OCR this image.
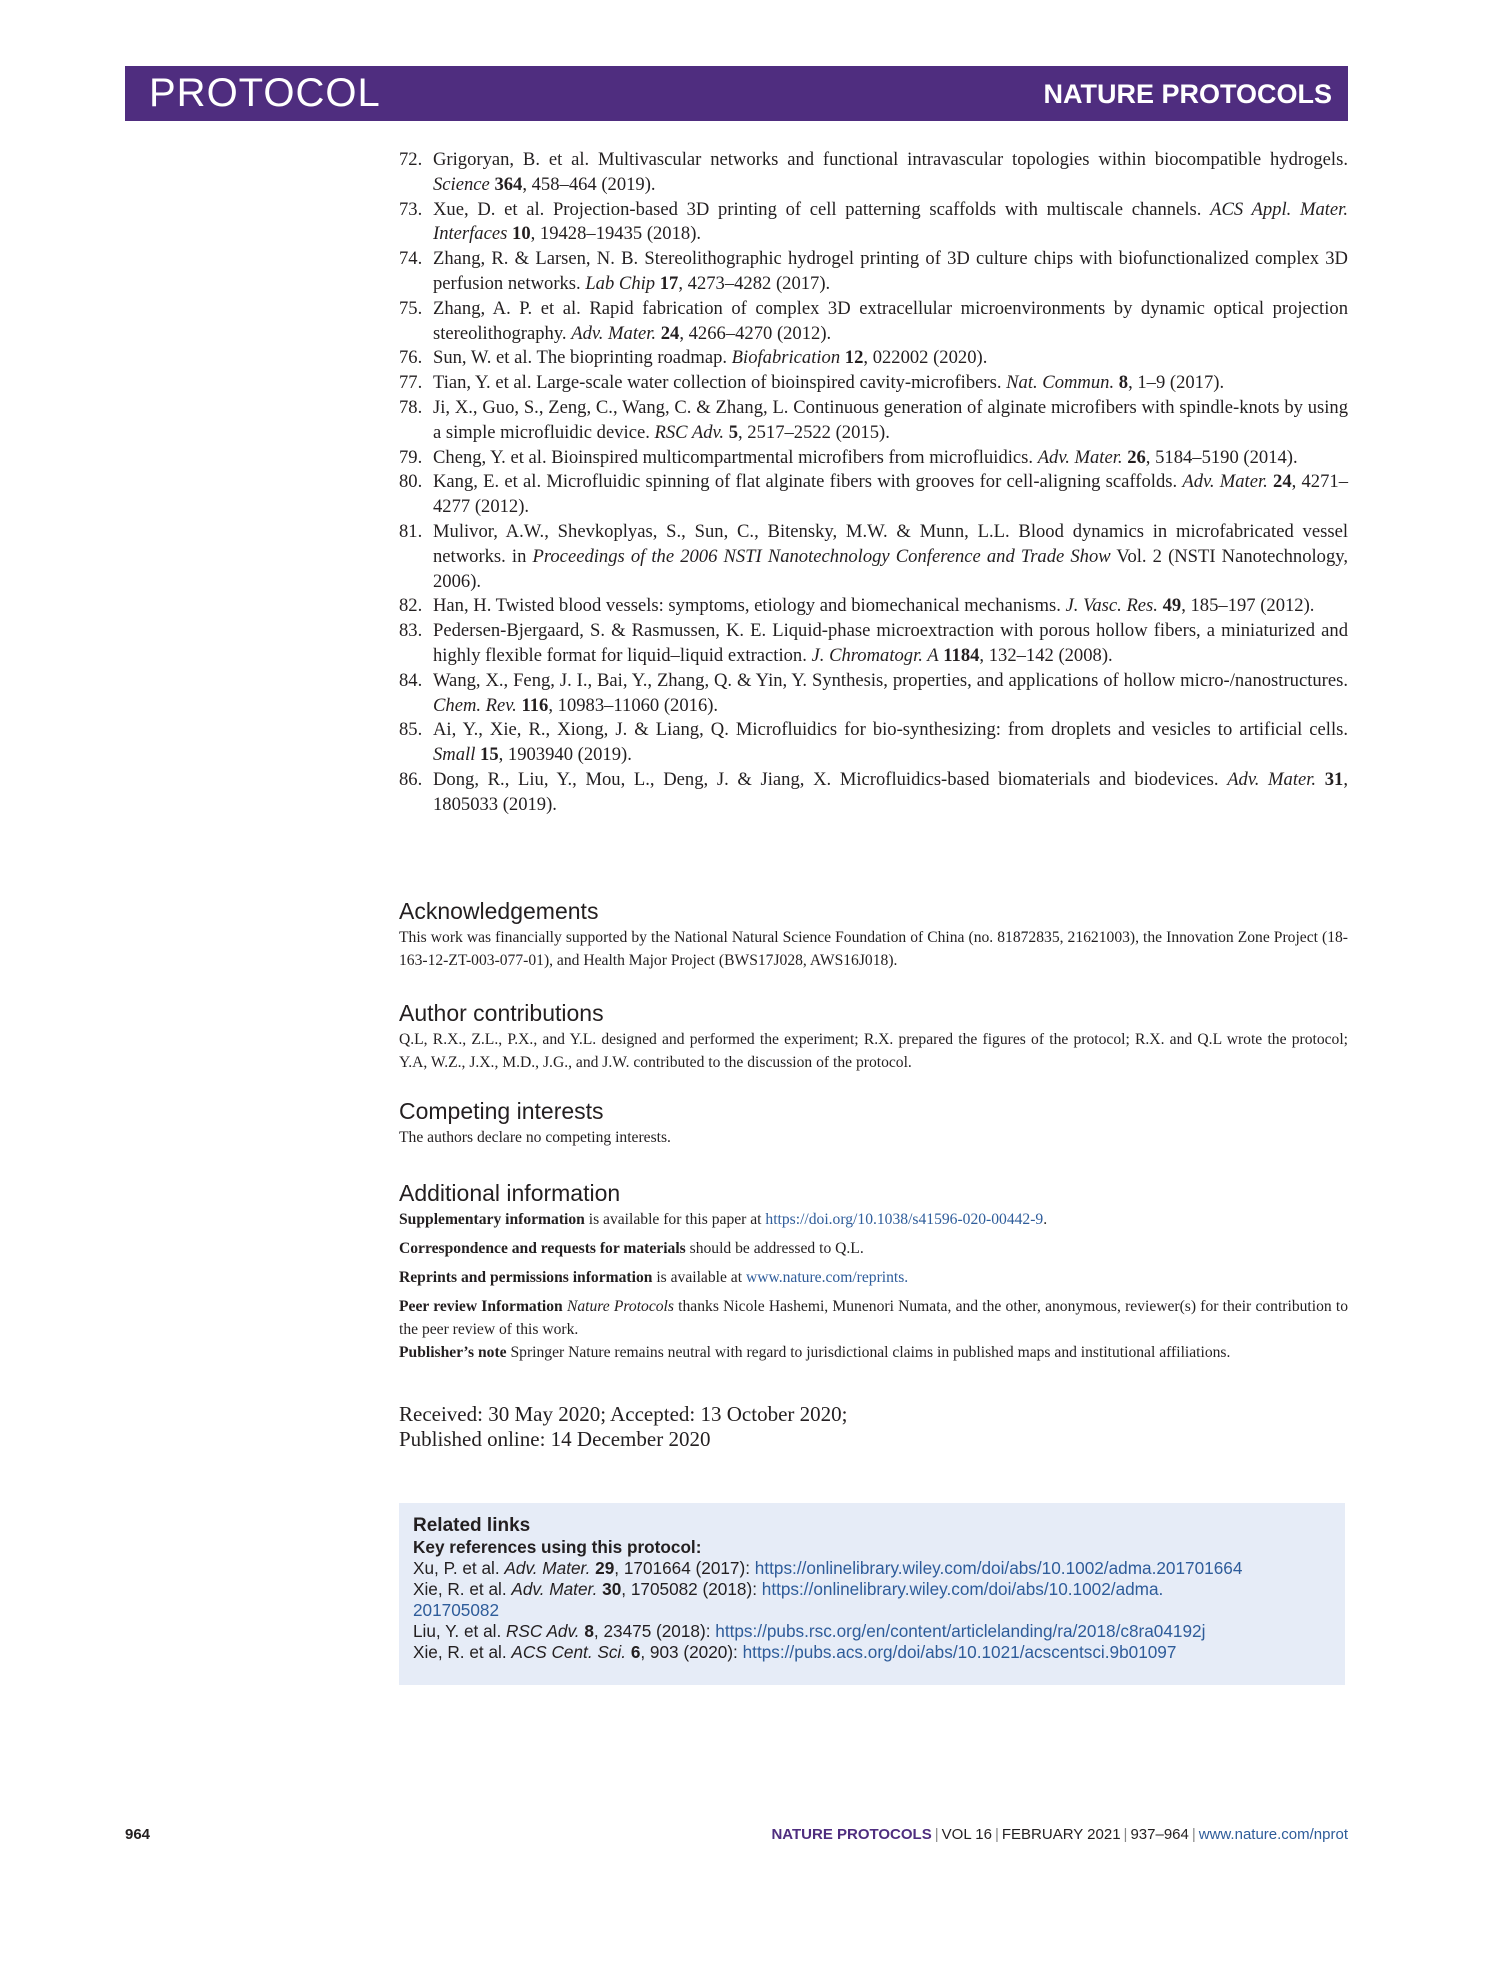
PROTOCOL	NATURE PROTOCOLS
72. Grigoryan, B. et al. Multivascular networks and functional intravascular topologies within biocompatible hydrogels. Science 364, 458–464 (2019).
73. Xue, D. et al. Projection-based 3D printing of cell patterning scaffolds with multiscale channels. ACS Appl. Mater. Interfaces 10, 19428–19435 (2018).
74. Zhang, R. & Larsen, N. B. Stereolithographic hydrogel printing of 3D culture chips with biofunctionalized complex 3D perfusion networks. Lab Chip 17, 4273–4282 (2017).
75. Zhang, A. P. et al. Rapid fabrication of complex 3D extracellular microenvironments by dynamic optical projection stereolithography. Adv. Mater. 24, 4266–4270 (2012).
76. Sun, W. et al. The bioprinting roadmap. Biofabrication 12, 022002 (2020).
77. Tian, Y. et al. Large-scale water collection of bioinspired cavity-microfibers. Nat. Commun. 8, 1–9 (2017).
78. Ji, X., Guo, S., Zeng, C., Wang, C. & Zhang, L. Continuous generation of alginate microfibers with spindle-knots by using a simple microfluidic device. RSC Adv. 5, 2517–2522 (2015).
79. Cheng, Y. et al. Bioinspired multicompartmental microfibers from microfluidics. Adv. Mater. 26, 5184–5190 (2014).
80. Kang, E. et al. Microfluidic spinning of flat alginate fibers with grooves for cell-aligning scaffolds. Adv. Mater. 24, 4271–4277 (2012).
81. Mulivor, A.W., Shevkoplyas, S., Sun, C., Bitensky, M.W. & Munn, L.L. Blood dynamics in microfabricated vessel networks. in Proceedings of the 2006 NSTI Nanotechnology Conference and Trade Show Vol. 2 (NSTI Nanotechnology, 2006).
82. Han, H. Twisted blood vessels: symptoms, etiology and biomechanical mechanisms. J. Vasc. Res. 49, 185–197 (2012).
83. Pedersen-Bjergaard, S. & Rasmussen, K. E. Liquid-phase microextraction with porous hollow fibers, a miniaturized and highly flexible format for liquid–liquid extraction. J. Chromatogr. A 1184, 132–142 (2008).
84. Wang, X., Feng, J. I., Bai, Y., Zhang, Q. & Yin, Y. Synthesis, properties, and applications of hollow micro-/nanostructures. Chem. Rev. 116, 10983–11060 (2016).
85. Ai, Y., Xie, R., Xiong, J. & Liang, Q. Microfluidics for bio-synthesizing: from droplets and vesicles to artificial cells. Small 15, 1903940 (2019).
86. Dong, R., Liu, Y., Mou, L., Deng, J. & Jiang, X. Microfluidics-based biomaterials and biodevices. Adv. Mater. 31, 1805033 (2019).
Acknowledgements

This work was financially supported by the National Natural Science Foundation of China (no. 81872835, 21621003), the Innovation Zone Project (18-163-12-ZT-003-077-01), and Health Major Project (BWS17J028, AWS16J018).

Author contributions

Q.L, R.X., Z.L., P.X., and Y.L. designed and performed the experiment; R.X. prepared the figures of the protocol; R.X. and Q.L wrote the protocol; Y.A, W.Z., J.X., M.D., J.G., and J.W. contributed to the discussion of the protocol.

Competing interests

The authors declare no competing interests.

Additional information

Supplementary information is available for this paper at https://doi.org/10.1038/s41596-020-00442-9.

Correspondence and requests for materials should be addressed to Q.L.

Reprints and permissions information is available at www.nature.com/reprints.

Peer review Information Nature Protocols thanks Nicole Hashemi, Munenori Numata, and the other, anonymous, reviewer(s) for their contribution to the peer review of this work.

Publisher’s note Springer Nature remains neutral with regard to jurisdictional claims in published maps and institutional affiliations.

Received: 30 May 2020; Accepted: 13 October 2020;
Published online: 14 December 2020
Related links
Key references using this protocol:
Xu, P. et al. Adv. Mater. 29, 1701664 (2017): https://onlinelibrary.wiley.com/doi/abs/10.1002/adma.201701664
Xie, R. et al. Adv. Mater. 30, 1705082 (2018): https://onlinelibrary.wiley.com/doi/abs/10.1002/adma.
201705082
Liu, Y. et al. RSC Adv. 8, 23475 (2018): https://pubs.rsc.org/en/content/articlelanding/ra/2018/c8ra04192j
Xie, R. et al. ACS Cent. Sci. 6, 903 (2020): https://pubs.acs.org/doi/abs/10.1021/acscentsci.9b01097
964	NATURE PROTOCOLS | VOL 16 | FEBRUARY 2021 | 937–964 | www.nature.com/nprot
